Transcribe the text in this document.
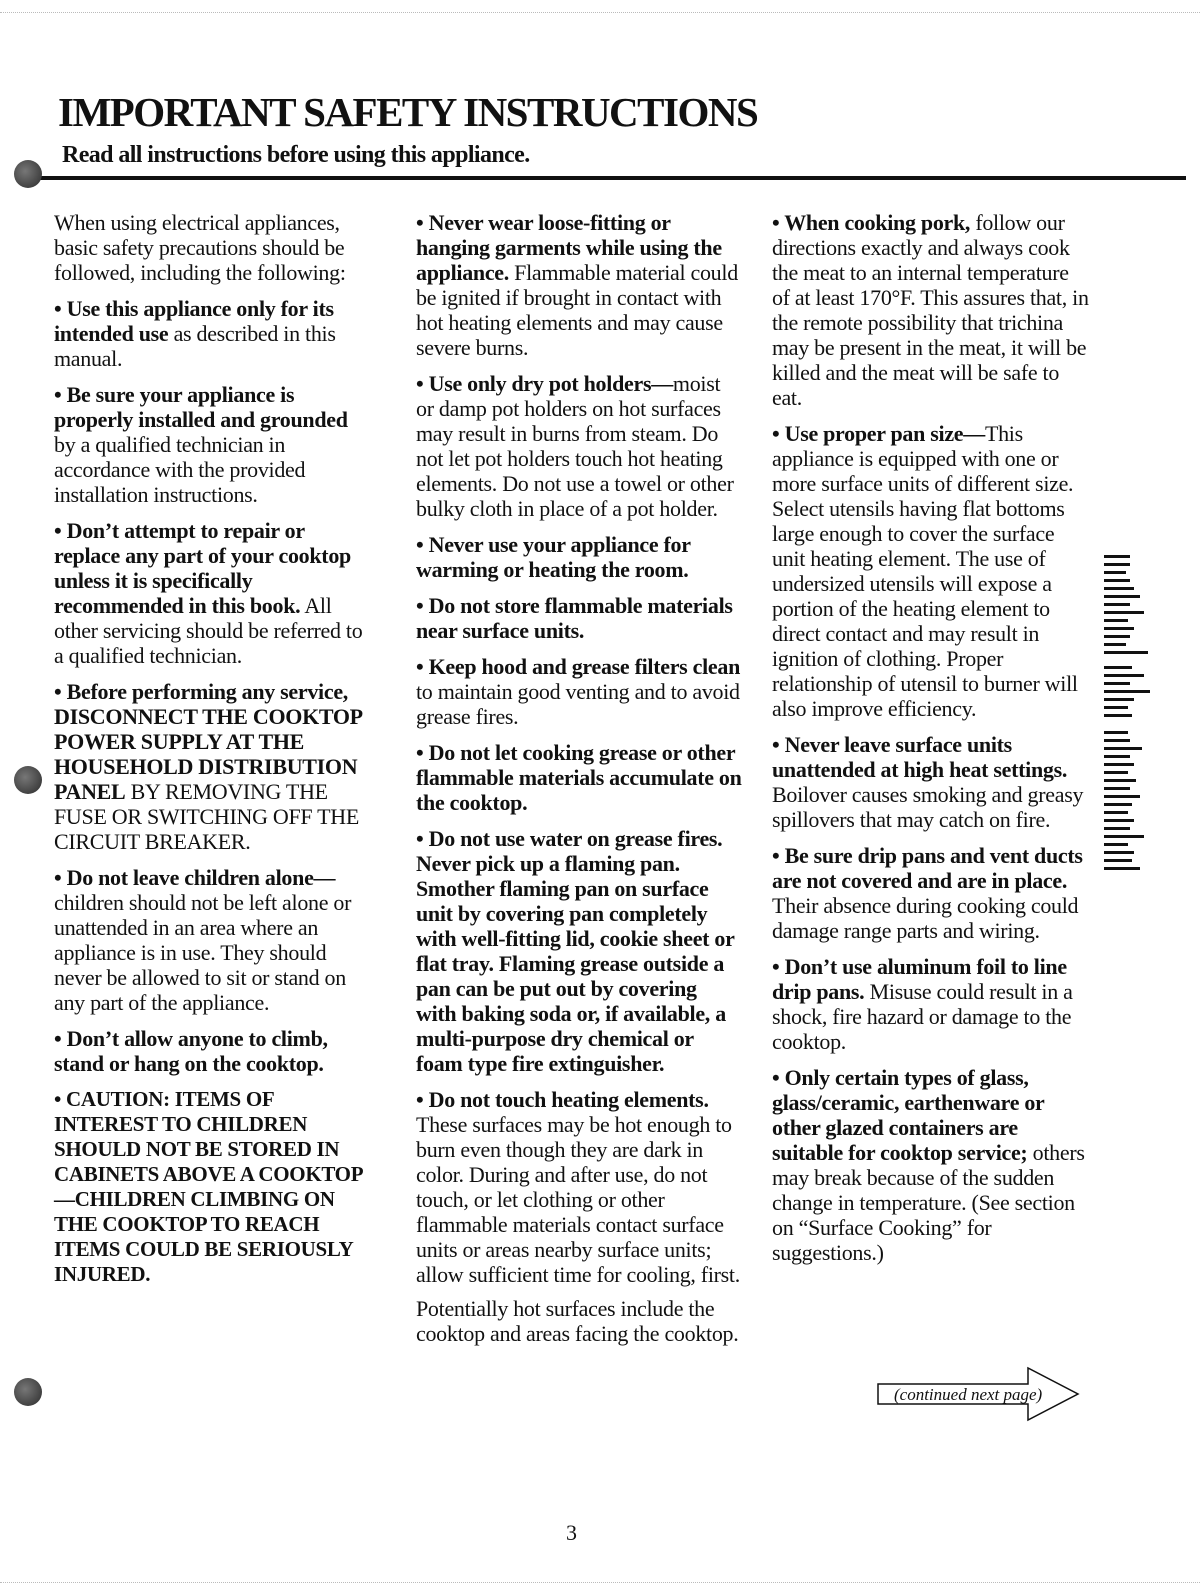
IMPORTANT SAFETY INSTRUCTIONS
Read all instructions before using this appliance.

When using electrical appliances, basic safety precautions should be followed, including the following:

• Use this appliance only for its intended use as described in this manual.

• Be sure your appliance is properly installed and grounded by a qualified technician in accordance with the provided installation instructions.

• Don’t attempt to repair or replace any part of your cooktop unless it is specifically recommended in this book. All other servicing should be referred to a qualified technician.

• Before performing any service, DISCONNECT THE COOKTOP POWER SUPPLY AT THE HOUSEHOLD DISTRIBUTION PANEL BY REMOVING THE FUSE OR SWITCHING OFF THE CIRCUIT BREAKER.

• Do not leave children alone—children should not be left alone or unattended in an area where an appliance is in use. They should never be allowed to sit or stand on any part of the appliance.

• Don’t allow anyone to climb, stand or hang on the cooktop.

• CAUTION: ITEMS OF INTEREST TO CHILDREN SHOULD NOT BE STORED IN CABINETS ABOVE A COOKTOP—CHILDREN CLIMBING ON THE COOKTOP TO REACH ITEMS COULD BE SERIOUSLY INJURED.

• Never wear loose-fitting or hanging garments while using the appliance. Flammable material could be ignited if brought in contact with hot heating elements and may cause severe burns.

• Use only dry pot holders—moist or damp pot holders on hot surfaces may result in burns from steam. Do not let pot holders touch hot heating elements. Do not use a towel or other bulky cloth in place of a pot holder.

• Never use your appliance for warming or heating the room.

• Do not store flammable materials near surface units.

• Keep hood and grease filters clean to maintain good venting and to avoid grease fires.

• Do not let cooking grease or other flammable materials accumulate on the cooktop.

• Do not use water on grease fires. Never pick up a flaming pan. Smother flaming pan on surface unit by covering pan completely with well-fitting lid, cookie sheet or flat tray. Flaming grease outside a pan can be put out by covering with baking soda or, if available, a multi-purpose dry chemical or foam type fire extinguisher.

• Do not touch heating elements. These surfaces may be hot enough to burn even though they are dark in color. During and after use, do not touch, or let clothing or other flammable materials contact surface units or areas nearby surface units; allow sufficient time for cooling, first.

Potentially hot surfaces include the cooktop and areas facing the cooktop.

• When cooking pork, follow our directions exactly and always cook the meat to an internal temperature of at least 170°F. This assures that, in the remote possibility that trichina may be present in the meat, it will be killed and the meat will be safe to eat.

• Use proper pan size—This appliance is equipped with one or more surface units of different size. Select utensils having flat bottoms large enough to cover the surface unit heating element. The use of undersized utensils will expose a portion of the heating element to direct contact and may result in ignition of clothing. Proper relationship of utensil to burner will also improve efficiency.

• Never leave surface units unattended at high heat settings. Boilover causes smoking and greasy spillovers that may catch on fire.

• Be sure drip pans and vent ducts are not covered and are in place. Their absence during cooking could damage range parts and wiring.

• Don’t use aluminum foil to line drip pans. Misuse could result in a shock, fire hazard or damage to the cooktop.

• Only certain types of glass, glass/ceramic, earthenware or other glazed containers are suitable for cooktop service; others may break because of the sudden change in temperature. (See section on “Surface Cooking” for suggestions.)

(continued next page)
3
